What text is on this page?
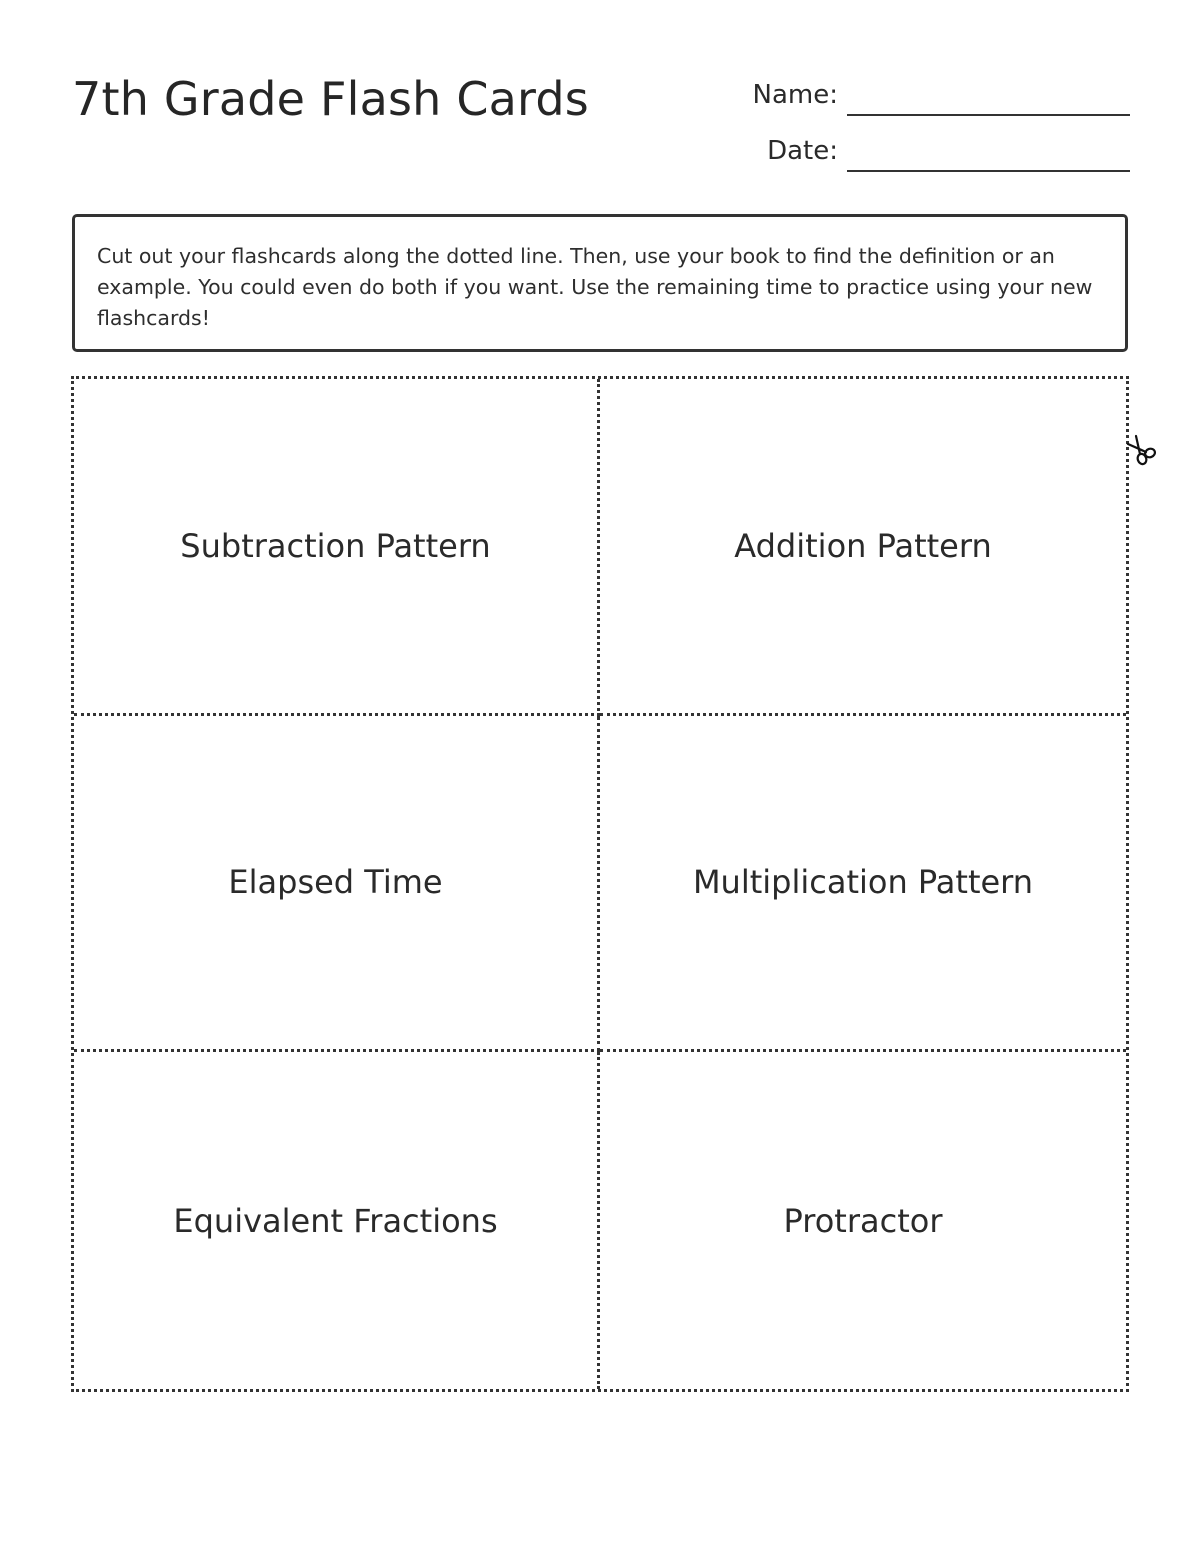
7th Grade Flash Cards	Name:
Date:
Cut out your flashcards along the dotted line. Then, use your book to find the definition or an example. You could even do both if you want. Use the remaining time to practice using your new flashcards!
Subtraction Pattern	Addition Pattern
Elapsed Time	Multiplication Pattern
Equivalent Fractions	Protractor
